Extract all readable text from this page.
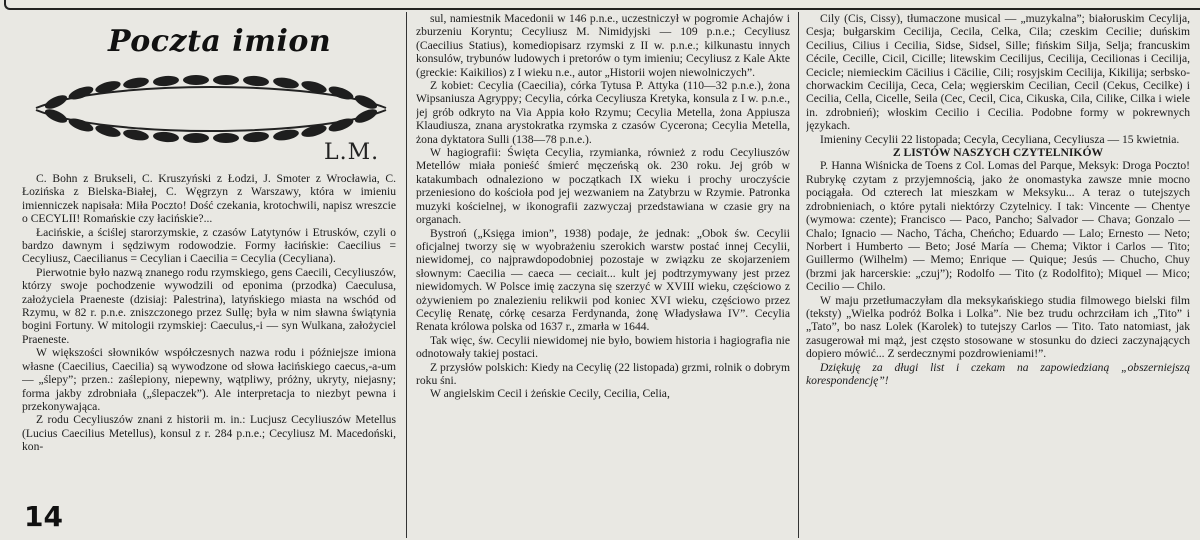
Poczta imion
L.M.

C. Bohn z Brukseli, C. Kruszyński z Łodzi, J. Smoter z Wrocławia, C. Łozińska z Bielska-Białej, C. Węgrzyn z Warszawy, która w imieniu imienniczek napisała: Miła Poczto! Dość czekania, krotochwili, napisz wreszcie o CECYLII! Romańskie czy łacińskie?...

Łacińskie, a ściślej starorzymskie, z czasów Latytynów i Etrusków, czyli o bardzo dawnym i sędziwym rodowodzie. Formy łacińskie: Caecilius = Cecyliusz, Caecilianus = Cecylian i Caecilia = Cecylia (Cecyliana).

Pierwotnie było nazwą znanego rodu rzymskiego, gens Caecili, Cecyliuszów, którzy swoje pochodzenie wywodzili od eponima (przodka) Caeculusa, założyciela Praeneste (dzisiaj: Palestrina), latyńskiego miasta na wschód od Rzymu, w 82 r. p.n.e. zniszczonego przez Sullę; była w nim sławna świątynia bogini Fortuny. W mitologii rzymskiej: Caeculus,-i — syn Wulkana, założyciel Praeneste.

W większości słowników współczesnych nazwa rodu i późniejsze imiona własne (Caecilius, Caecilia) są wywodzone od słowa łacińskiego caecus,-a-um — „ślepy”; przen.: zaślepiony, niepewny, wątpliwy, próżny, ukryty, niejasny; forma jakby zdrobniała („ślepaczek”). Ale interpretacja to niezbyt pewna i przekonywająca.

Z rodu Cecyliuszów znani z historii m. in.: Lucjusz Cecyliuszów Metellus (Lucius Caecilius Metellus), konsul z r. 284 p.n.e.; Cecyliusz M. Macedoński, kon-

sul, namiestnik Macedonii w 146 p.n.e., uczestniczył w pogromie Achajów i zburzeniu Koryntu; Cecyliusz M. Nimidyjski — 109 p.n.e.; Cecyliusz (Caecilius Statius), komediopisarz rzymski z II w. p.n.e.; kilkunastu innych konsulów, trybunów ludowych i pretorów o tym imieniu; Cecyliusz z Kale Akte (greckie: Kaikilios) z I wieku n.e., autor „Historii wojen niewolniczych”.

Z kobiet: Cecylia (Caecilia), córka Tytusa P. Attyka (110—32 p.n.e.), żona Wipsaniusza Agryppy; Cecylia, córka Cecyliusza Kretyka, konsula z I w. p.n.e., jej grób odkryto na Via Appia koło Rzymu; Cecylia Metella, żona Appiusza Klaudiusza, znana arystokratka rzymska z czasów Cycerona; Cecylia Metella, żona dyktatora Sulli (138—78 p.n.e.).

W hagiografii: Święta Cecylia, rzymianka, również z rodu Cecyliuszów Metellów miała ponieść śmierć męczeńską ok. 230 roku. Jej grób w katakumbach odnaleziono w początkach IX wieku i prochy uroczyście przeniesiono do kościoła pod jej wezwaniem na Zatybrzu w Rzymie. Patronka muzyki kościelnej, w ikonografii zazwyczaj przedstawiana w czasie gry na organach.

Bystroń („Księga imion”, 1938) podaje, że jednak: „Obok św. Cecylii oficjalnej tworzy się w wyobrażeniu szerokich warstw postać innej Cecylii, niewidomej, co najprawdopodobniej pozostaje w związku ze skojarzeniem słownym: Caecilia — caeca — ceciait... kult jej podtrzymywany jest przez niewidomych. W Polsce imię zaczyna się szerzyć w XVIII wieku, częściowo z ożywieniem po znalezieniu relikwii pod koniec XVI wieku, częściowo przez Cecylię Renatę, córkę cesarza Ferdynanda, żonę Władysława IV”. Cecylia Renata królowa polska od 1637 r., zmarła w 1644.

Tak więc, św. Cecylii niewidomej nie było, bowiem historia i hagiografia nie odnotowały takiej postaci.

Z przysłów polskich: Kiedy na Cecylię (22 listopada) grzmi, rolnik o dobrym roku śni.

W angielskim Cecil i żeńskie Cecily, Cecilia, Celia,

Cily (Cis, Cissy), tłumaczone musical — „muzykalna”; białoruskim Cecylija, Cesja; bułgarskim Cecilija, Cecila, Celka, Cila; czeskim Cecilie; duńskim Cecilius, Cilius i Cecilia, Sidse, Sidsel, Sille; fińskim Silja, Selja; francuskim Cécile, Cecille, Cicil, Cicille; litewskim Cecilijus, Cecilija, Cecilionas i Cecilija, Cecicle; niemieckim Cäcilius i Cäcilie, Cili; rosyjskim Cecilija, Kikilija; serbsko-chorwackim Cecilija, Ceca, Cela; węgierskim Cecilian, Cecil (Cekus, Cecilke) i Cecilia, Cella, Cicelle, Seila (Cec, Cecil, Cica, Cikuska, Cila, Cilike, Cilka i wiele in. zdrobnień); włoskim Cecilio i Cecilia. Podobne formy w pokrewnych językach.

Imieniny Cecylii 22 listopada; Cecyla, Cecyliana, Cecyliusza — 15 kwietnia.

Z LISTÓW NASZYCH CZYTELNIKÓW

P. Hanna Wiśnicka de Toens z Col. Lomas del Parque, Meksyk: Droga Poczto! Rubrykę czytam z przyjemnością, jako że onomastyka zawsze mnie mocno pociągała. Od czterech lat mieszkam w Meksyku... A teraz o tutejszych zdrobnieniach, o które pytali niektórzy Czytelnicy. I tak: Vincente — Chentye (wymowa: czente); Francisco — Paco, Pancho; Salvador — Chava; Gonzalo — Chalo; Ignacio — Nacho, Tácha, Cheńcho; Eduardo — Lalo; Ernesto — Neto; Norbert i Humberto — Beto; José María — Chema; Viktor i Carlos — Tito; Guillermo (Wilhelm) — Memo; Enrique — Quique; Jesús — Chucho, Chuy (brzmi jak harcerskie: „czuj”); Rodolfo — Tito (z Rodolfito); Miquel — Mico; Cecilio — Chilo.

W maju przetłumaczyłam dla meksykańskiego studia filmowego bielski film (teksty) „Wielka podróż Bolka i Lolka”. Nie bez trudu ochrzciłam ich „Tito” i „Tato”, bo nasz Lolek (Karolek) to tutejszy Carlos — Tito. Tato natomiast, jak zasugerował mi mąż, jest często stosowane w stosunku do dzieci zaczynających dopiero mówić... Z serdecznymi pozdrowieniami!”.

Dziękuję za długi list i czekam na zapowiedzianą „obszerniejszą korespondencję”!

14
